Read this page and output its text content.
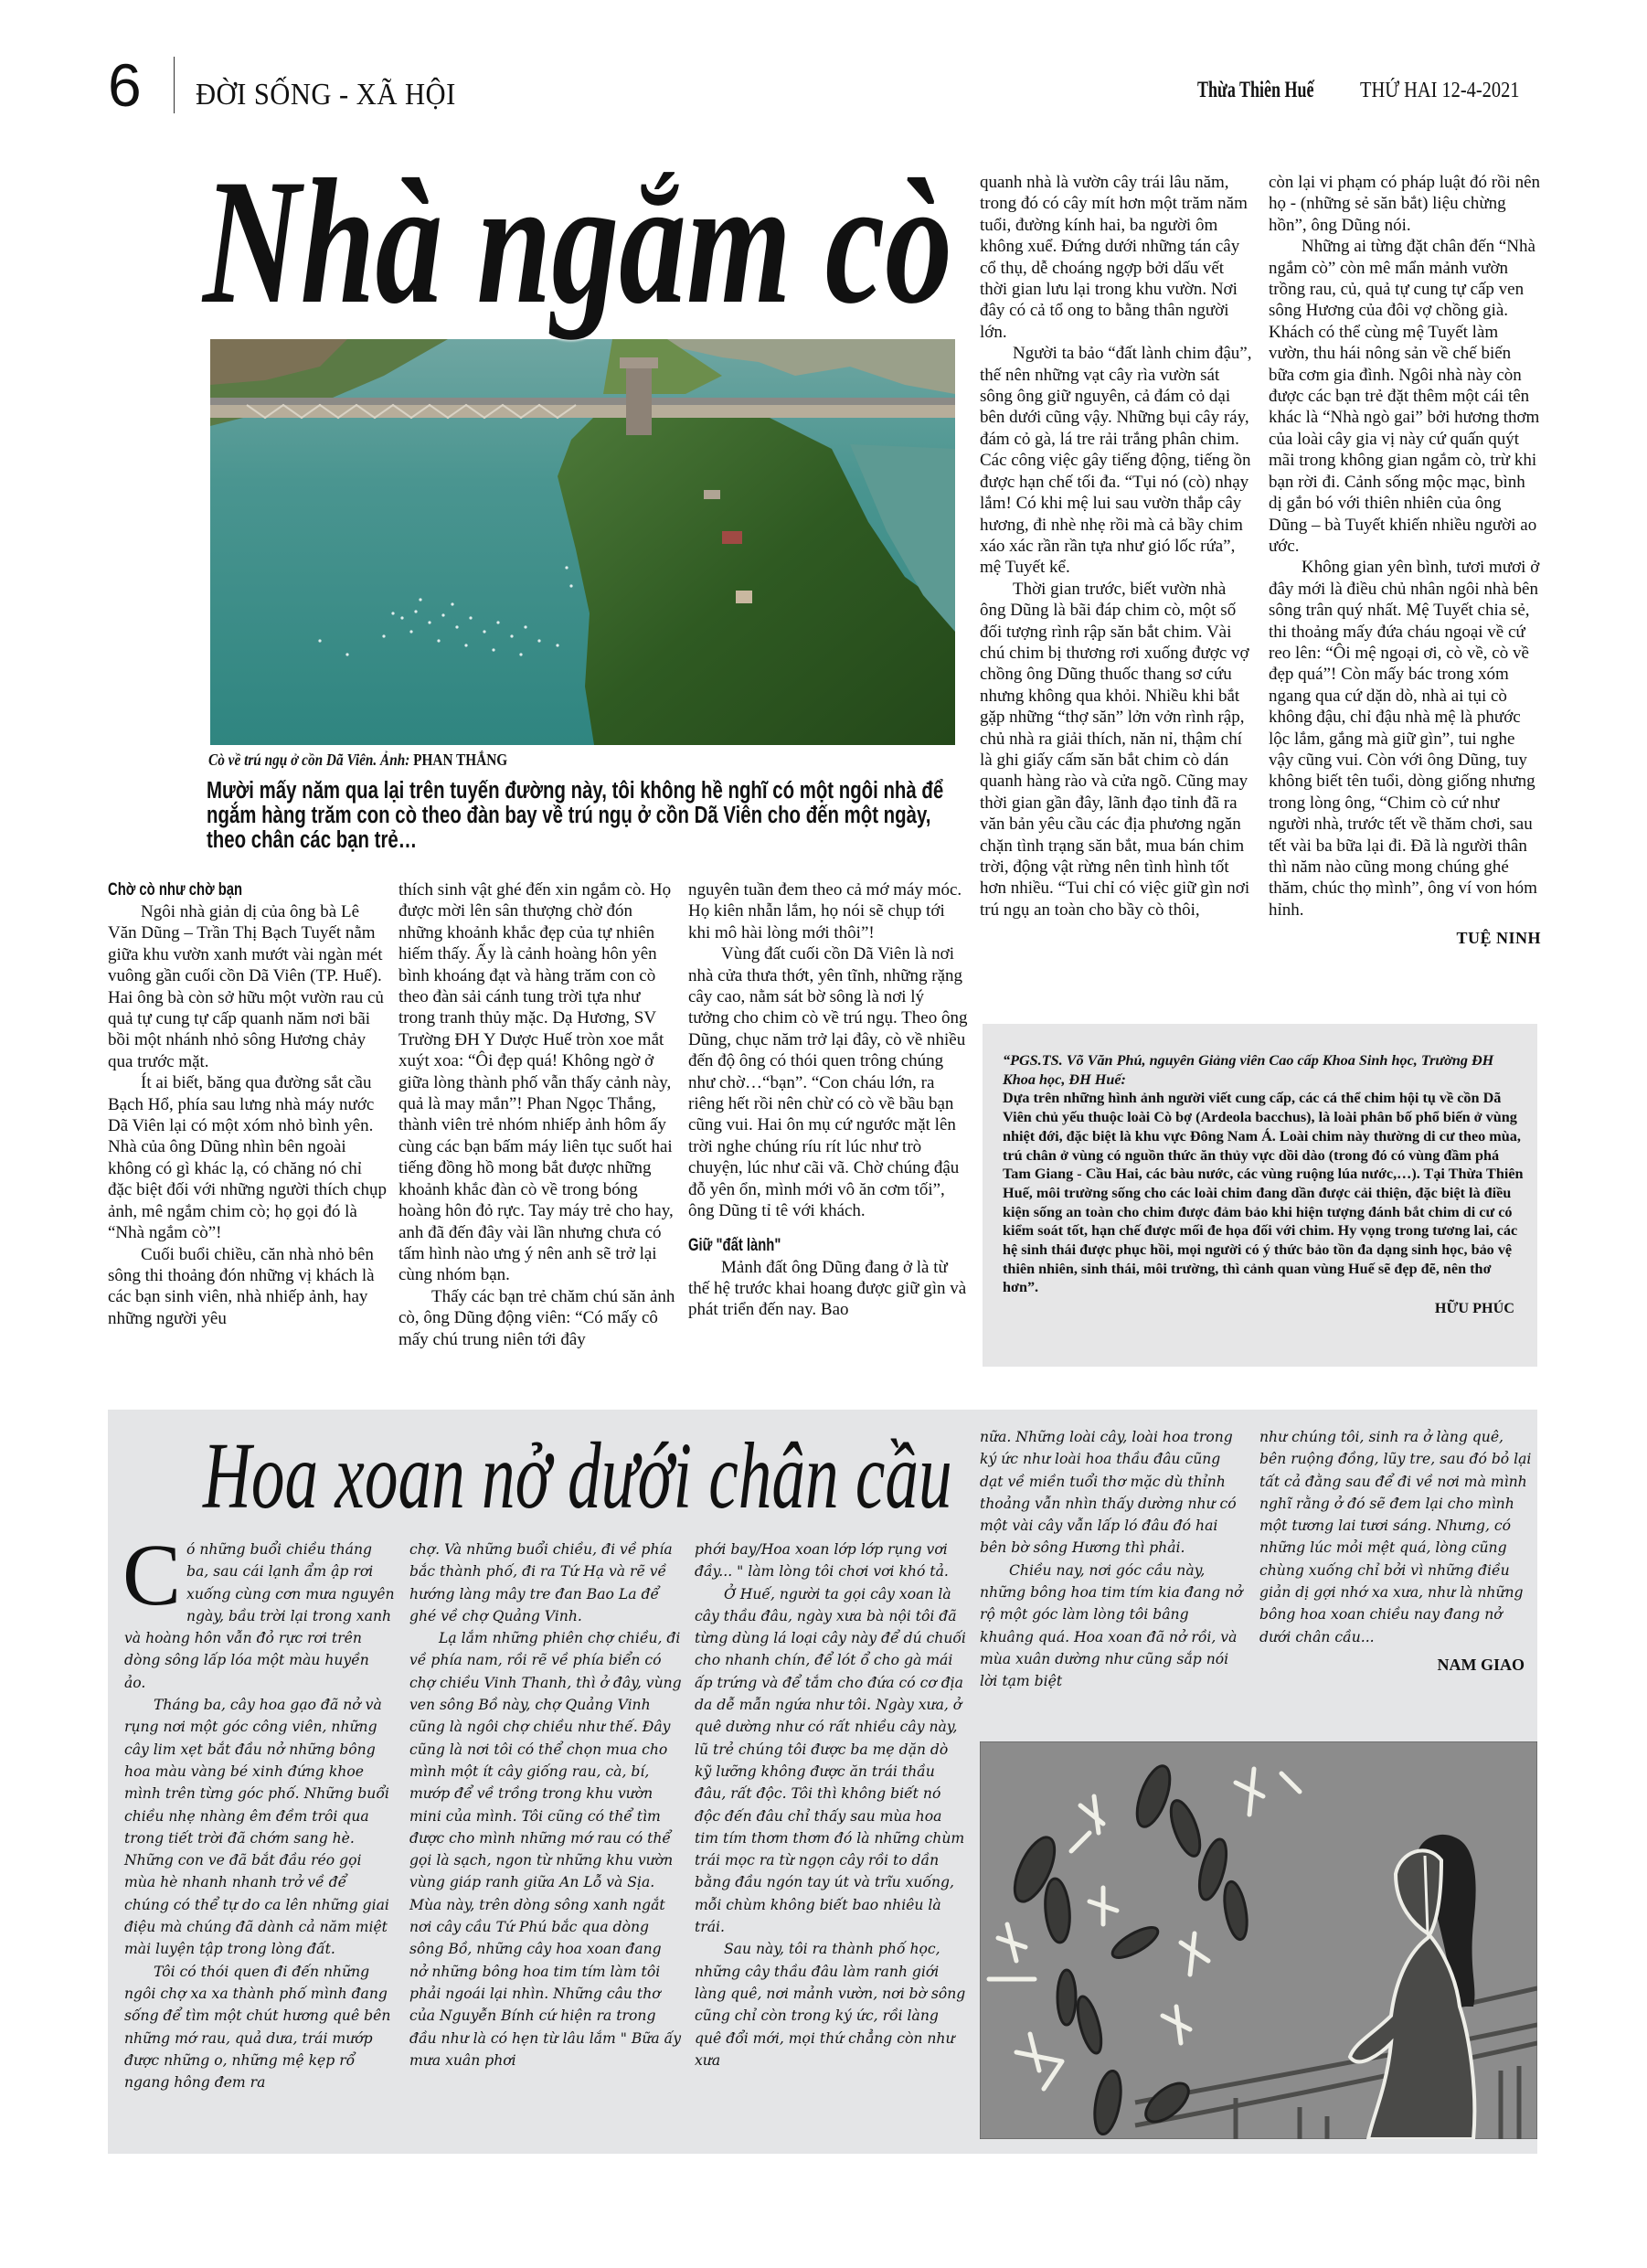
6 ĐỜI SỐNG - XÃ HỘI	Thừa Thiên Huế THỨ HAI 12-4-2021
Nhà ngắm cò
Cò về trú ngụ ở cồn Dã Viên. Ảnh: PHAN THẮNG
Mười mấy năm qua lại trên tuyến đường này, tôi không hề nghĩ có một ngôi nhà để ngắm hàng trăm con cò theo đàn bay về trú ngụ ở cồn Dã Viên cho đến một ngày, theo chân các bạn trẻ…
Chờ cò như chờ bạn

Ngôi nhà giản dị của ông bà Lê Văn Dũng – Trần Thị Bạch Tuyết nằm giữa khu vườn xanh mướt vài ngàn mét vuông gần cuối cồn Dã Viên (TP. Huế). Hai ông bà còn sở hữu một vườn rau củ quả tự cung tự cấp quanh năm nơi bãi bồi một nhánh nhỏ sông Hương chảy qua trước mặt.

Ít ai biết, băng qua đường sắt cầu Bạch Hổ, phía sau lưng nhà máy nước Dã Viên lại có một xóm nhỏ bình yên. Nhà của ông Dũng nhìn bên ngoài không có gì khác lạ, có chăng nó chỉ đặc biệt đối với những người thích chụp ảnh, mê ngắm chim cò; họ gọi đó là “Nhà ngắm cò”!

Cuối buổi chiều, căn nhà nhỏ bên sông thi thoảng đón những vị khách là các bạn sinh viên, nhà nhiếp ảnh, hay những người yêu

thích sinh vật ghé đến xin ngắm cò. Họ được mời lên sân thượng chờ đón những khoảnh khắc đẹp của tự nhiên hiếm thấy. Ấy là cảnh hoàng hôn yên bình khoáng đạt và hàng trăm con cò theo đàn sải cánh tung trời tựa như trong tranh thủy mặc. Dạ Hương, SV Trường ĐH Y Dược Huế tròn xoe mắt xuýt xoa: “Ôi đẹp quá! Không ngờ ở giữa lòng thành phố vẫn thấy cảnh này, quả là may mắn”! Phan Ngọc Thắng, thành viên trẻ nhóm nhiếp ảnh hôm ấy cùng các bạn bấm máy liên tục suốt hai tiếng đồng hồ mong bắt được những khoảnh khắc đàn cò về trong bóng hoàng hôn đỏ rực. Tay máy trẻ cho hay, anh đã đến đây vài lần nhưng chưa có tấm hình nào ưng ý nên anh sẽ trở lại cùng nhóm bạn.

Thấy các bạn trẻ chăm chú săn ảnh cò, ông Dũng động viên: “Có mấy cô mấy chú trung niên tới đây

nguyên tuần đem theo cả mớ máy móc. Họ kiên nhẫn lắm, họ nói sẽ chụp tới khi mô hài lòng mới thôi”!

Vùng đất cuối cồn Dã Viên là nơi nhà cửa thưa thớt, yên tĩnh, những rặng cây cao, nằm sát bờ sông là nơi lý tưởng cho chim cò về trú ngụ. Theo ông Dũng, chục năm trở lại đây, cò về nhiều đến độ ông có thói quen trông chúng như chờ…“bạn”. “Con cháu lớn, ra riêng hết rồi nên chừ có cò về bầu bạn cũng vui. Hai ôn mụ cứ ngước mặt lên trời nghe chúng ríu rít lúc như trò chuyện, lúc như cãi vã. Chờ chúng đậu đỗ yên ổn, mình mới vô ăn cơm tối”, ông Dũng tỉ tê với khách.

Giữ "đất lành"

Mảnh đất ông Dũng đang ở là từ thế hệ trước khai hoang được giữ gìn và phát triển đến nay. Bao

quanh nhà là vườn cây trái lâu năm, trong đó có cây mít hơn một trăm năm tuổi, đường kính hai, ba người ôm không xuể. Đứng dưới những tán cây cổ thụ, dễ choáng ngợp bởi dấu vết thời gian lưu lại trong khu vườn. Nơi đây có cả tổ ong to bằng thân người lớn.

Người ta bảo “đất lành chim đậu”, thế nên những vạt cây rìa vườn sát sông ông giữ nguyên, cả đám cỏ dại bên dưới cũng vậy. Những bụi cây ráy, đám cỏ gà, lá tre rải trắng phân chim. Các công việc gây tiếng động, tiếng ồn được hạn chế tối đa. “Tụi nó (cò) nhạy lắm! Có khi mệ lui sau vườn thắp cây hương, đi nhè nhẹ rồi mà cả bầy chim xáo xác rần rần tựa như gió lốc rứa”, mệ Tuyết kể.

Thời gian trước, biết vườn nhà ông Dũng là bãi đáp chim cò, một số đối tượng rình rập săn bắt chim. Vài chú chim bị thương rơi xuống được vợ chồng ông Dũng thuốc thang sơ cứu nhưng không qua khỏi. Nhiều khi bắt gặp những “thợ săn” lởn vởn rình rập, chủ nhà ra giải thích, năn nỉ, thậm chí là ghi giấy cấm săn bắt chim cò dán quanh hàng rào và cửa ngõ. Cũng may thời gian gần đây, lãnh đạo tỉnh đã ra văn bản yêu cầu các địa phương ngăn chặn tình trạng săn bắt, mua bán chim trời, động vật rừng nên tình hình tốt hơn nhiều. “Tui chỉ có việc giữ gìn nơi trú ngụ an toàn cho bầy cò thôi,

còn lại vi phạm có pháp luật đó rồi nên họ - (những sẻ săn bắt) liệu chừng hồn”, ông Dũng nói.

Những ai từng đặt chân đến “Nhà ngắm cò” còn mê mẩn mảnh vườn trồng rau, củ, quả tự cung tự cấp ven sông Hương của đôi vợ chồng già. Khách có thể cùng mệ Tuyết làm vườn, thu hái nông sản về chế biến bữa cơm gia đình. Ngôi nhà này còn được các bạn trẻ đặt thêm một cái tên khác là “Nhà ngò gai” bởi hương thơm của loài cây gia vị này cứ quấn quýt mãi trong không gian ngắm cò, trừ khi bạn rời đi. Cảnh sống mộc mạc, bình dị gắn bó với thiên nhiên của ông Dũng – bà Tuyết khiến nhiều người ao ước.

Không gian yên bình, tươi mươi ở đây mới là điều chủ nhân ngôi nhà bên sông trân quý nhất. Mệ Tuyết chia sẻ, thi thoảng mấy đứa cháu ngoại về cứ reo lên: “Ôi mệ ngoại ơi, cò về, cò về đẹp quá”! Còn mấy bác trong xóm ngang qua cứ dặn dò, nhà ai tụi cò không đậu, chỉ đậu nhà mệ là phước lộc lắm, gắng mà giữ gìn”, tui nghe vậy cũng vui. Còn với ông Dũng, tuy không biết tên tuổi, dòng giống nhưng trong lòng ông, “Chim cò cứ như người nhà, trước tết về thăm chơi, sau tết vài ba bữa lại đi. Đã là người thân thì năm nào cũng mong chúng ghé thăm, chúc thọ mình”, ông ví von hóm hỉnh.

TUỆ NINH
“PGS.TS. Võ Văn Phú, nguyên Giảng viên Cao cấp Khoa Sinh học, Trường ĐH Khoa học, ĐH Huế:
Dựa trên những hình ảnh người viết cung cấp, các cá thể chim hội tụ về cồn Dã Viên chủ yếu thuộc loài Cò bợ (Ardeola bacchus), là loài phân bố phổ biến ở vùng nhiệt đới, đặc biệt là khu vực Đông Nam Á. Loài chim này thường di cư theo mùa, trú chân ở vùng có nguồn thức ăn thủy vực dồi dào (trong đó có vùng đầm phá Tam Giang - Cầu Hai, các bàu nước, các vùng ruộng lúa nước,…). Tại Thừa Thiên Huế, môi trường sống cho các loài chim đang dần được cải thiện, đặc biệt là điều kiện sống an toàn cho chim được đảm bảo khi hiện tượng đánh bắt chim di cư có kiểm soát tốt, hạn chế được mối đe họa đối với chim. Hy vọng trong tương lai, các hệ sinh thái được phục hồi, mọi người có ý thức bảo tồn đa dạng sinh học, bảo vệ thiên nhiên, sinh thái, môi trường, thì cảnh quan vùng Huế sẽ đẹp đẽ, nên thơ hơn”.
HỮU PHÚC
Hoa xoan nở dưới chân cầu
C ó những buổi chiều tháng ba, sau cái lạnh ẩm ập rơi xuống cùng cơn mưa nguyên ngày, bầu trời lại trong xanh và hoàng hôn vẫn đỏ rực rơi trên dòng sông lấp lóa một màu huyền ảo.

Tháng ba, cây hoa gạo đã nở và rụng nơi một góc công viên, những cây lim xẹt bắt đầu nở những bông hoa màu vàng bé xinh đứng khoe mình trên từng góc phố. Những buổi chiều nhẹ nhàng êm đềm trôi qua trong tiết trời đã chớm sang hè. Những con ve đã bắt đầu réo gọi mùa hè nhanh nhanh trở về để chúng có thể tự do ca lên những giai điệu mà chúng đã dành cả năm miệt mài luyện tập trong lòng đất.

Tôi có thói quen đi đến những ngôi chợ xa xa thành phố mình đang sống để tìm một chút hương quê bên những mớ rau, quả dưa, trái mướp được những o, những mệ kẹp rổ ngang hông đem ra

chợ. Và những buổi chiều, đi về phía bắc thành phố, đi ra Tứ Hạ và rẽ về hướng làng mây tre đan Bao La để ghé về chợ Quảng Vinh.

Lạ lắm những phiên chợ chiều, đi về phía nam, rồi rẽ về phía biển có chợ chiều Vinh Thanh, thì ở đây, vùng ven sông Bồ này, chợ Quảng Vinh cũng là ngôi chợ chiều như thế. Đây cũng là nơi tôi có thể chọn mua cho mình một ít cây giống rau, cà, bí, mướp để về trồng trong khu vườn mini của mình. Tôi cũng có thể tìm được cho mình những mớ rau có thể gọi là sạch, ngon từ những khu vườn vùng giáp ranh giữa An Lỗ và Sịa. Mùa này, trên dòng sông xanh ngắt nơi cây cầu Tứ Phú bắc qua dòng sông Bồ, những cây hoa xoan đang nở những bông hoa tim tím làm tôi phải ngoái lại nhìn. Những câu thơ của Nguyễn Bính cứ hiện ra trong đầu như là có hẹn từ lâu lắm " Bữa ấy mưa xuân phơi

phới bay/Hoa xoan lớp lớp rụng vơi đầy... " làm lòng tôi chơi vơi khó tả.

Ở Huế, người ta gọi cây xoan là cây thầu đâu, ngày xưa bà nội tôi đã từng dùng lá loại cây này để dú chuối cho nhanh chín, để lót ổ cho gà mái ấp trứng và để tắm cho đứa có cơ địa da dễ mẫn ngứa như tôi. Ngày xưa, ở quê dường như có rất nhiều cây này, lũ trẻ chúng tôi được ba mẹ dặn dò kỹ lưỡng không được ăn trái thầu đâu, rất độc. Tôi thì không biết nó độc đến đâu chỉ thấy sau mùa hoa tim tím thơm thơm đó là những chùm trái mọc ra từ ngọn cây rồi to dần bằng đầu ngón tay út và trĩu xuống, mỗi chùm không biết bao nhiêu là trái.

Sau này, tôi ra thành phố học, những cây thầu đâu làm ranh giới làng quê, nơi mảnh vườn, nơi bờ sông cũng chỉ còn trong ký ức, rồi làng quê đổi mới, mọi thứ chẳng còn như xưa

nữa. Những loài cây, loài hoa trong ký ức như loài hoa thầu đâu cũng dạt về miền tuổi thơ mặc dù thỉnh thoảng vẫn nhìn thấy dường như có một vài cây vẫn lấp ló đâu đó hai bên bờ sông Hương thì phải.

Chiều nay, nơi góc cầu này, những bông hoa tim tím kia đang nở rộ một góc làm lòng tôi bâng khuâng quá. Hoa xoan đã nở rồi, và mùa xuân dường như cũng sắp nói lời tạm biệt

như chúng tôi, sinh ra ở làng quê, bên ruộng đồng, lũy tre, sau đó bỏ lại tất cả đằng sau để đi về nơi mà mình nghĩ rằng ở đó sẽ đem lại cho mình một tương lai tươi sáng. Nhưng, có những lúc mỏi mệt quá, lòng cũng chùng xuống chỉ bởi vì những điều giản dị gợi nhớ xa xưa, như là những bông hoa xoan chiều nay đang nở dưới chân cầu...

NAM GIAO
